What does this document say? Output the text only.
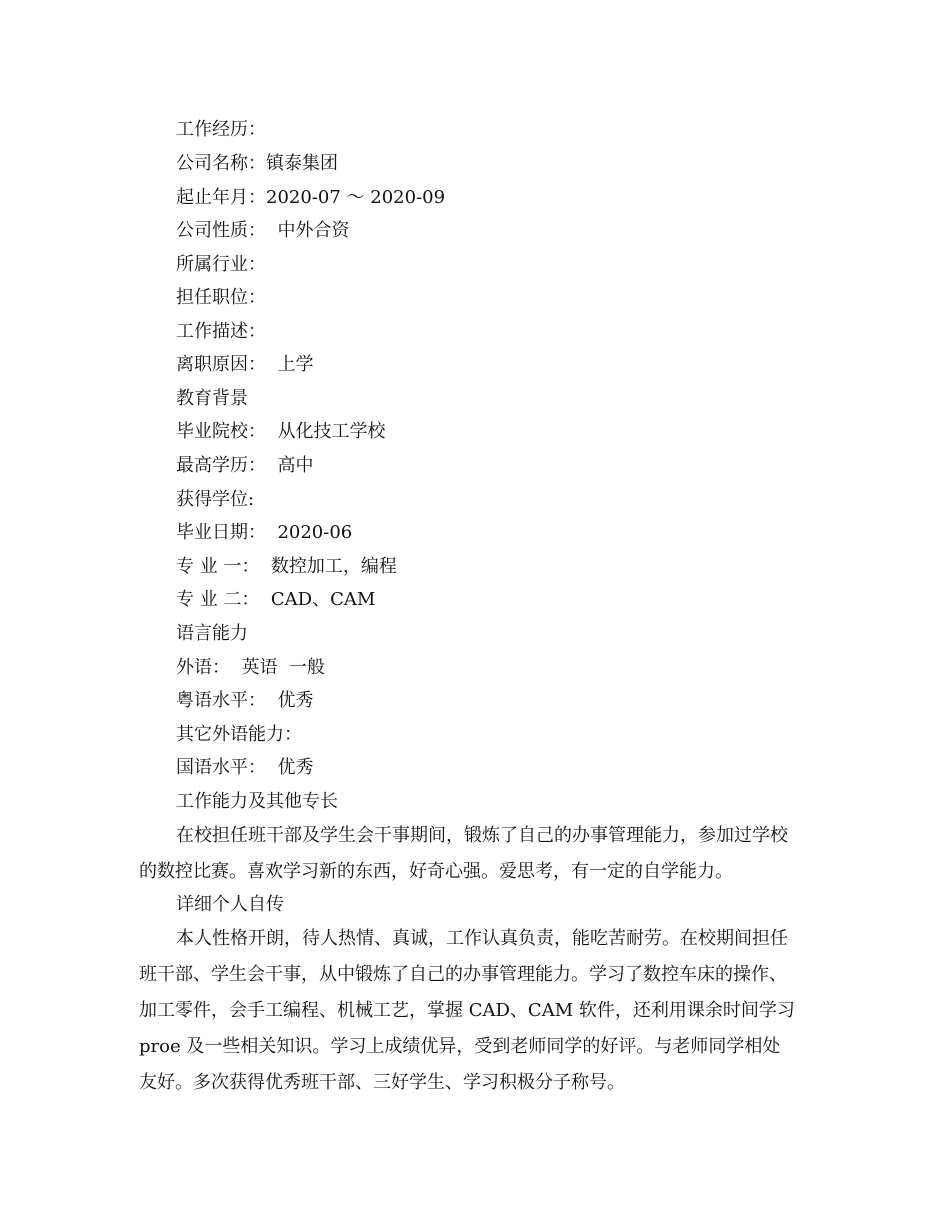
工作经历：
公司名称：镇泰集团
起止年月：2020-07 ～ 2020-09
公司性质：  中外合资
所属行业：
担任职位：
工作描述：
离职原因：  上学
教育背景
毕业院校：  从化技工学校
最高学历：  高中
获得学位:
毕业日期：  2020-06
专 业 一：  数控加工，编程
专 业 二：  CAD、CAM
语言能力
外语：  英语  一般
粤语水平：  优秀
其它外语能力：
国语水平：  优秀
工作能力及其他专长
在校担任班干部及学生会干事期间，锻炼了自己的办事管理能力，参加过学校
的数控比赛。喜欢学习新的东西，好奇心强。爱思考，有一定的自学能力。
详细个人自传
本人性格开朗，待人热情、真诚，工作认真负责，能吃苦耐劳。在校期间担任
班干部、学生会干事，从中锻炼了自己的办事管理能力。学习了数控车床的操作、
加工零件，会手工编程、机械工艺，掌握 CAD、CAM 软件，还利用课余时间学习
proe 及一些相关知识。学习上成绩优异，受到老师同学的好评。与老师同学相处
友好。多次获得优秀班干部、三好学生、学习积极分子称号。
